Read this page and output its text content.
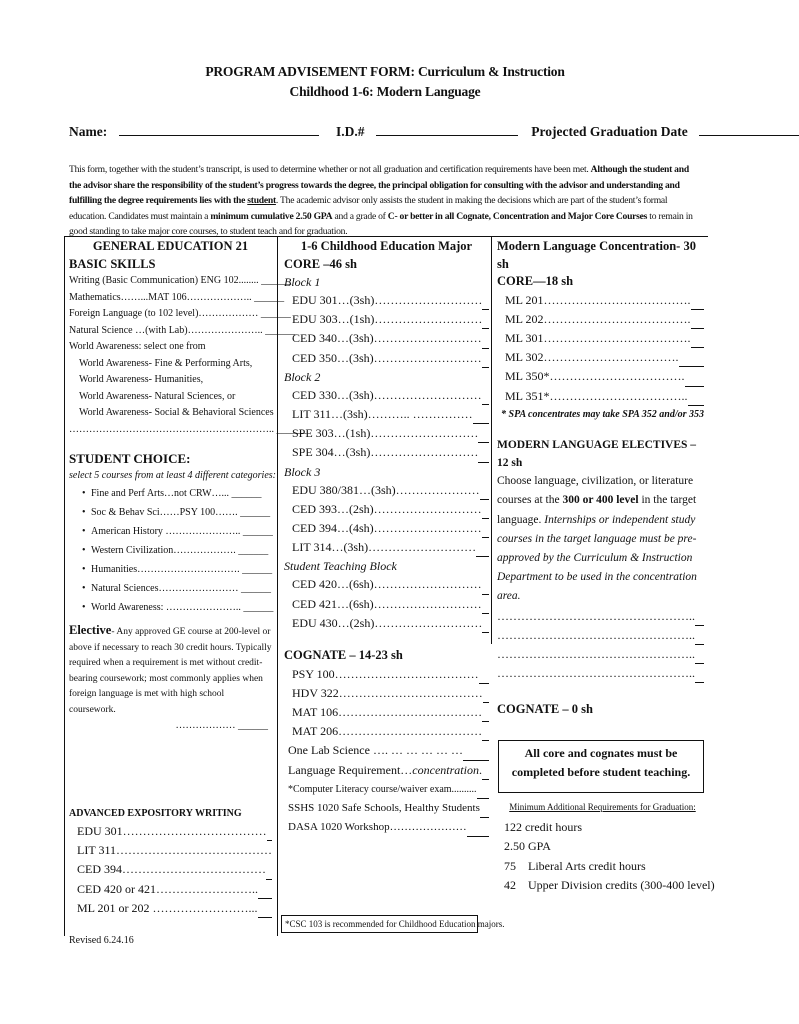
PROGRAM ADVISEMENT FORM: Curriculum & Instruction
Childhood 1-6: Modern Language
Name:	I.D.#	Projected Graduation Date
This form, together with the student’s transcript, is used to determine whether or not all graduation and certification requirements have been met. Although the student and the advisor share the responsibility of the student’s progress towards the degree, the principal obligation for consulting with the advisor and understanding and fulfilling the degree requirements lies with the student. The academic advisor only assists the student in making the decisions which are part of the student’s formal education. Candidates must maintain a minimum cumulative 2.50 GPA and a grade of C- or better in all Cognate, Concentration and Major Core Courses to remain in good standing to take major core courses, to student teach and for graduation.
GENERAL EDUCATION 21
BASIC SKILLS
Writing (Basic Communication) ENG 102........ ______
Mathematics……...MAT 106……………….. ______
Foreign Language (to 102 level)……………… ______
Natural Science …(with Lab)………………….. ______
World Awareness: select one from
World Awareness- Fine & Performing Arts,
World Awareness- Humanities,
World Awareness- Natural Sciences, or
World Awareness- Social & Behavioral Sciences
…………………………………………………….. ______
STUDENT CHOICE:
select 5 courses from at least 4 different categories:
• Fine and Perf Arts…not CRW…... ______
• Soc & Behav Sci……PSY 100……. ______
• American History ………………….. ______
• Western Civilization………………. ______
• Humanities…………………………. ______
• Natural Sciences…………………… ______
• World Awareness: ………………….. ______
Elective- Any approved GE course at 200-level or above if necessary to reach 30 credit hours. Typically required when a requirement is met without credit-bearing coursework; most commonly applies when foreign language is met with high school coursework.
……………… ______
ADVANCED EXPOSITORY WRITING
EDU 301………………………………
LIT 311…………………………………
CED 394………………………………
CED 420 or 421……………………..
ML 201 or 202 ……………………...
1-6 Childhood Education Major
CORE –46 sh
Block 1
EDU 301…(3sh)………………………
EDU 303…(1sh)………………………
CED 340…(3sh)………………………
CED 350…(3sh)………………………
Block 2
CED 330…(3sh)………………………
LIT 311…(3sh)……….. ……………
SPE 303…(1sh)………………………
SPE 304…(3sh)………………………
Block 3
EDU 380/381…(3sh)…………………
CED 393…(2sh)………………………
CED 394…(4sh)………………………
LIT 314…(3sh)………………………
Student Teaching Block
CED 420…(6sh)………………………
CED 421…(6sh)………………………
EDU 430…(2sh)………………………
COGNATE – 14-23 sh
PSY 100………………………………
HDV 322………………………………
MAT 106………………………………
MAT 206………………………………
One Lab Science …. … … … … …
Language Requirement…concentration.
*Computer Literacy course/waiver exam..........
SSHS 1020 Safe Schools, Healthy Students
DASA 1020 Workshop…………………
*CSC 103 is recommended for Childhood Education majors.
Modern Language Concentration- 30 sh
CORE—18 sh
ML 201……………………………….
ML 202……………………………….
ML 301……………………………….
ML 302…………………………….
ML 350*…………………………….
ML 351*……………………………..
* SPA concentrates may take SPA 352 and/or 353
MODERN LANGUAGE ELECTIVES –12 sh
Choose language, civilization, or literature courses at the 300 or 400 level in the target language. Internships or independent study courses in the target language must be pre-approved by the Curriculum & Instruction Department to be used in the concentration area.
…………………………………………..
…………………………………………..
…………………………………………..
…………………………………………..
COGNATE – 0 sh
All core and cognates must be completed before student teaching.
Minimum Additional Requirements for Graduation:
122 credit hours
2.50 GPA
75    Liberal Arts credit hours
42    Upper Division credits (300-400 level)
Revised 6.24.16
